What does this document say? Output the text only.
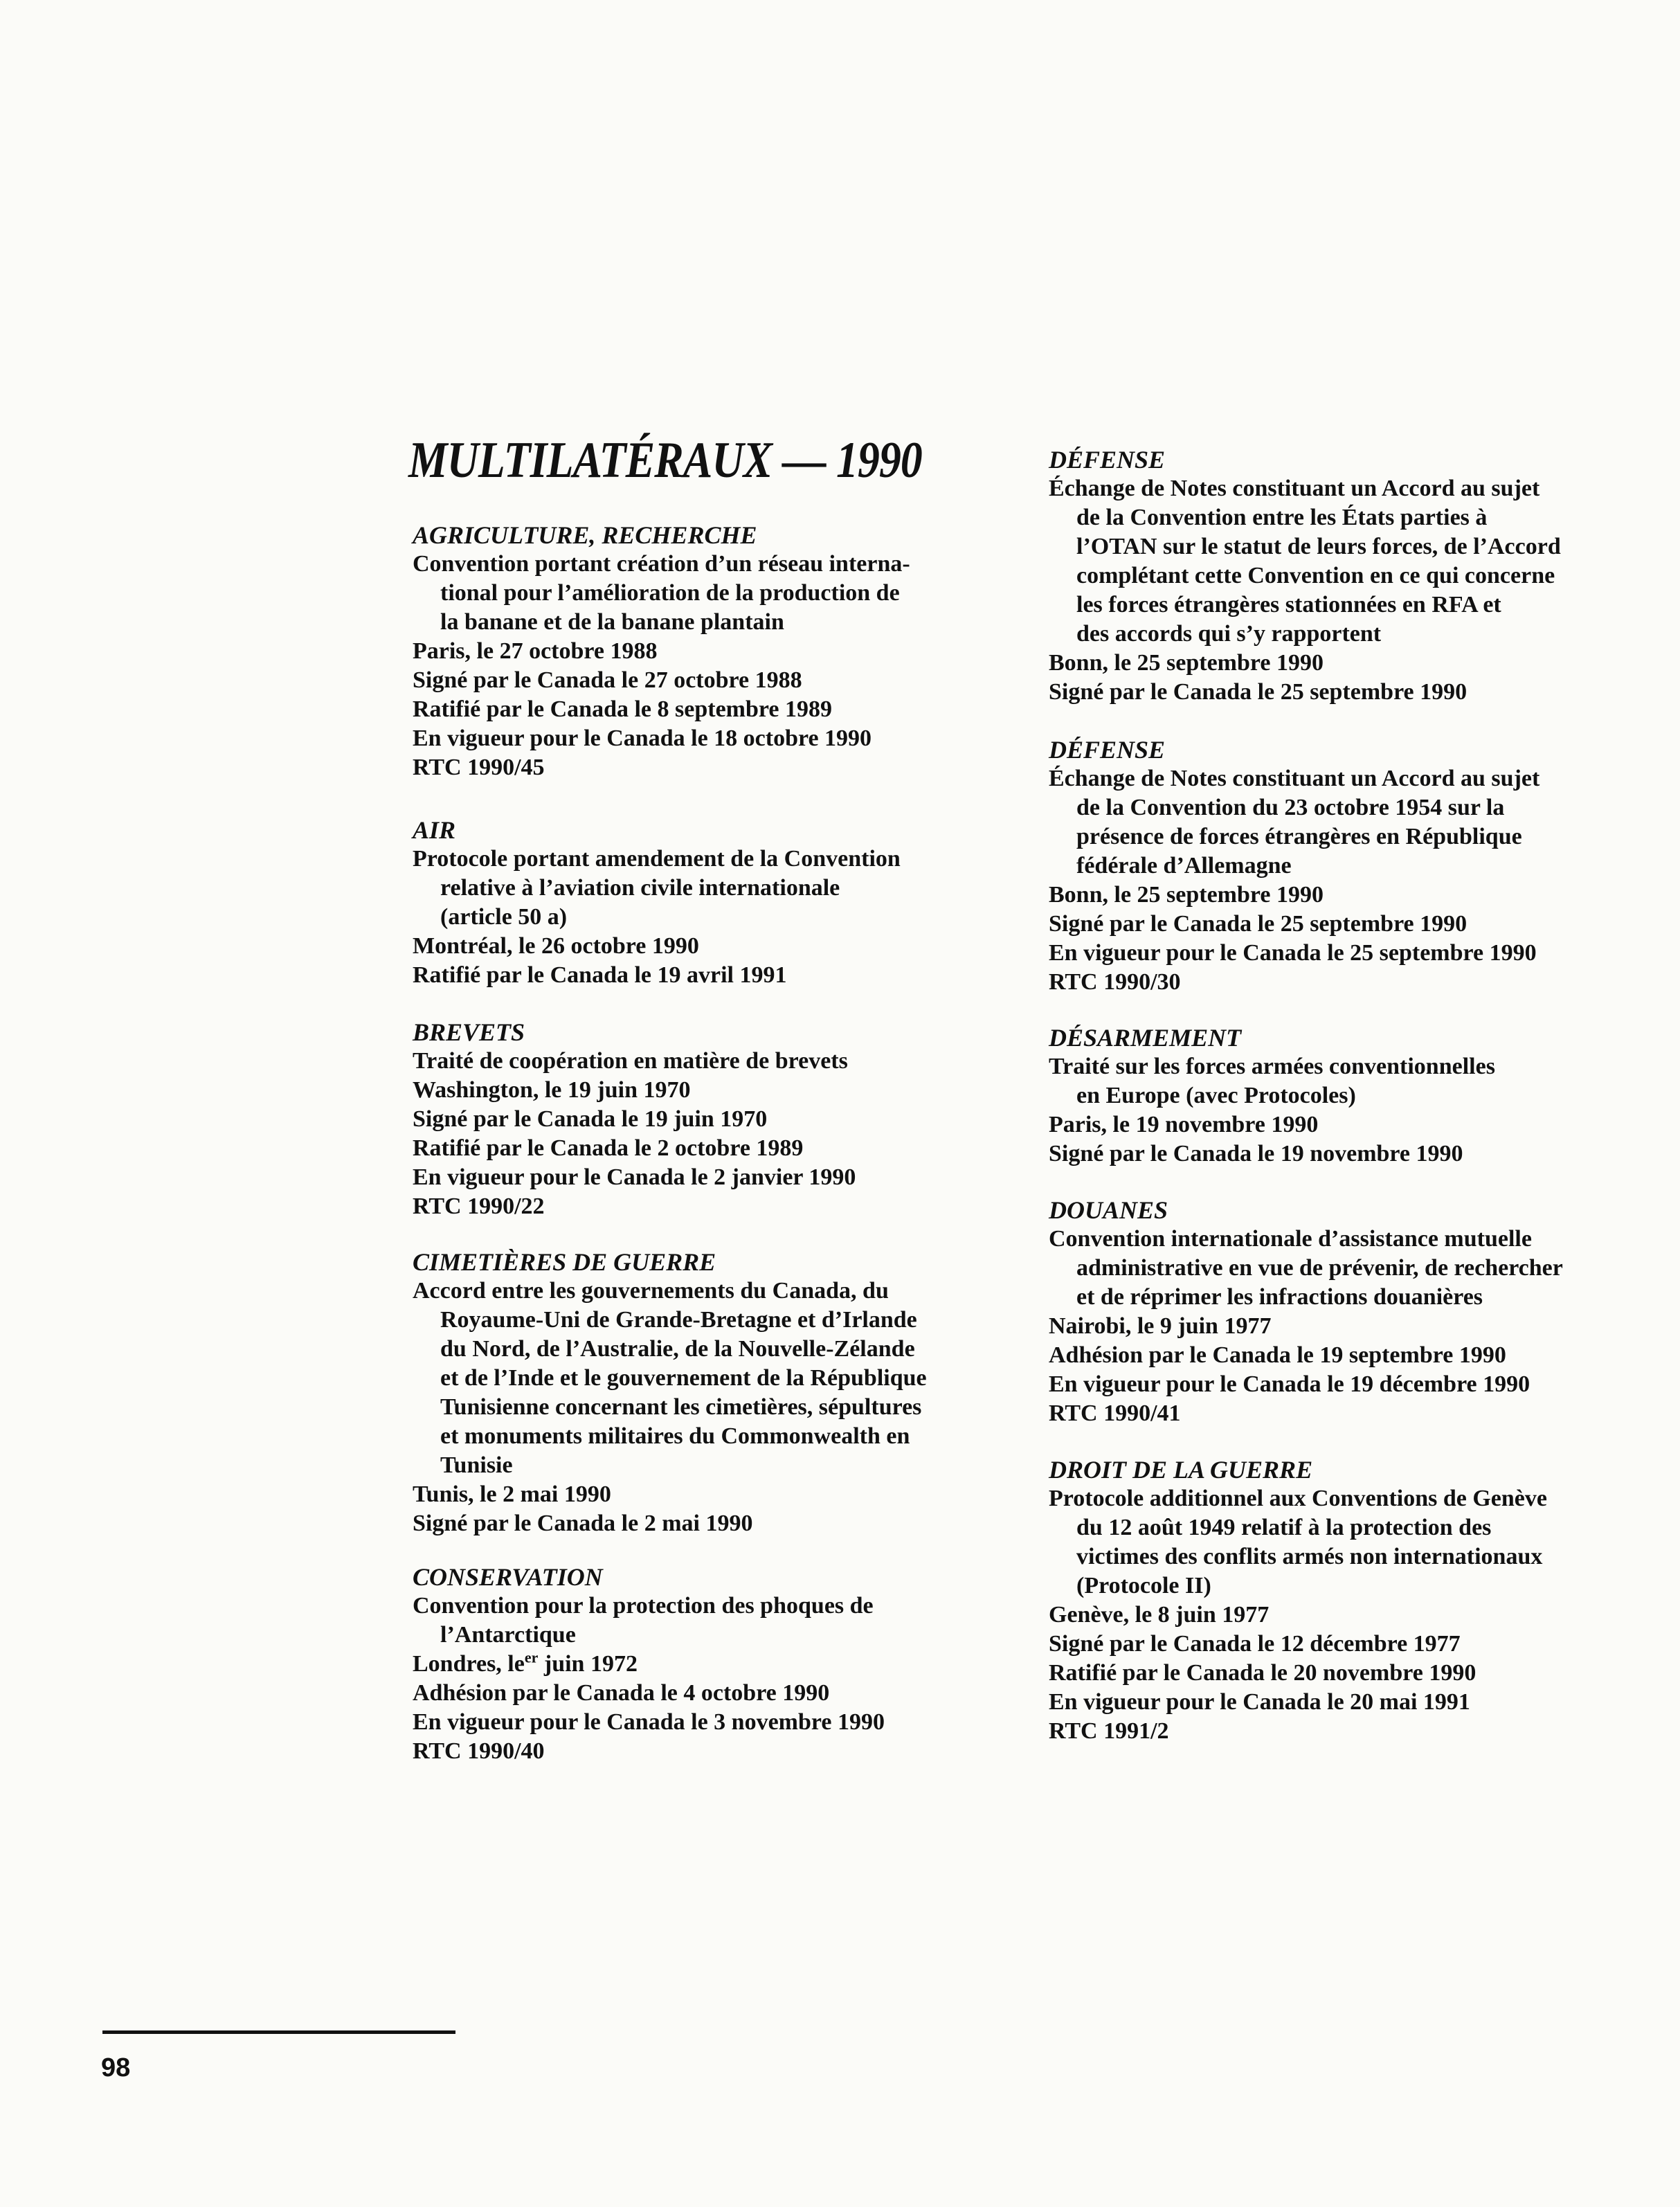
MULTILATÉRAUX — 1990
AGRICULTURE, RECHERCHE
Convention portant création d’un réseau interna-
tional pour l’amélioration de la production de
la banane et de la banane plantain
Paris, le 27 octobre 1988
Signé par le Canada le 27 octobre 1988
Ratifié par le Canada le 8 septembre 1989
En vigueur pour le Canada le 18 octobre 1990
RTC 1990/45
AIR
Protocole portant amendement de la Convention
relative à l’aviation civile internationale
(article 50 a)
Montréal, le 26 octobre 1990
Ratifié par le Canada le 19 avril 1991
BREVETS
Traité de coopération en matière de brevets
Washington, le 19 juin 1970
Signé par le Canada le 19 juin 1970
Ratifié par le Canada le 2 octobre 1989
En vigueur pour le Canada le 2 janvier 1990
RTC 1990/22
CIMETIÈRES DE GUERRE
Accord entre les gouvernements du Canada, du
Royaume-Uni de Grande-Bretagne et d’Irlande
du Nord, de l’Australie, de la Nouvelle-Zélande
et de l’Inde et le gouvernement de la République
Tunisienne concernant les cimetières, sépultures
et monuments militaires du Commonwealth en
Tunisie
Tunis, le 2 mai 1990
Signé par le Canada le 2 mai 1990
CONSERVATION
Convention pour la protection des phoques de
l’Antarctique
Londres, $le^{er}$ juin 1972
Adhésion par le Canada le 4 octobre 1990
En vigueur pour le Canada le 3 novembre 1990
RTC 1990/40
DÉFENSE
Échange de Notes constituant un Accord au sujet
de la Convention entre les États parties à
l’OTAN sur le statut de leurs forces, de l’Accord
complétant cette Convention en ce qui concerne
les forces étrangères stationnées en RFA et
des accords qui s’y rapportent
Bonn, le 25 septembre 1990
Signé par le Canada le 25 septembre 1990
DÉFENSE
Échange de Notes constituant un Accord au sujet
de la Convention du 23 octobre 1954 sur la
présence de forces étrangères en République
fédérale d’Allemagne
Bonn, le 25 septembre 1990
Signé par le Canada le 25 septembre 1990
En vigueur pour le Canada le 25 septembre 1990
RTC 1990/30
DÉSARMEMENT
Traité sur les forces armées conventionnelles
en Europe (avec Protocoles)
Paris, le 19 novembre 1990
Signé par le Canada le 19 novembre 1990
DOUANES
Convention internationale d’assistance mutuelle
administrative en vue de prévenir, de rechercher
et de réprimer les infractions douanières
Nairobi, le 9 juin 1977
Adhésion par le Canada le 19 septembre 1990
En vigueur pour le Canada le 19 décembre 1990
RTC 1990/41
DROIT DE LA GUERRE
Protocole additionnel aux Conventions de Genève
du 12 août 1949 relatif à la protection des
victimes des conflits armés non internationaux
(Protocole II)
Genève, le 8 juin 1977
Signé par le Canada le 12 décembre 1977
Ratifié par le Canada le 20 novembre 1990
En vigueur pour le Canada le 20 mai 1991
RTC 1991/2
98
